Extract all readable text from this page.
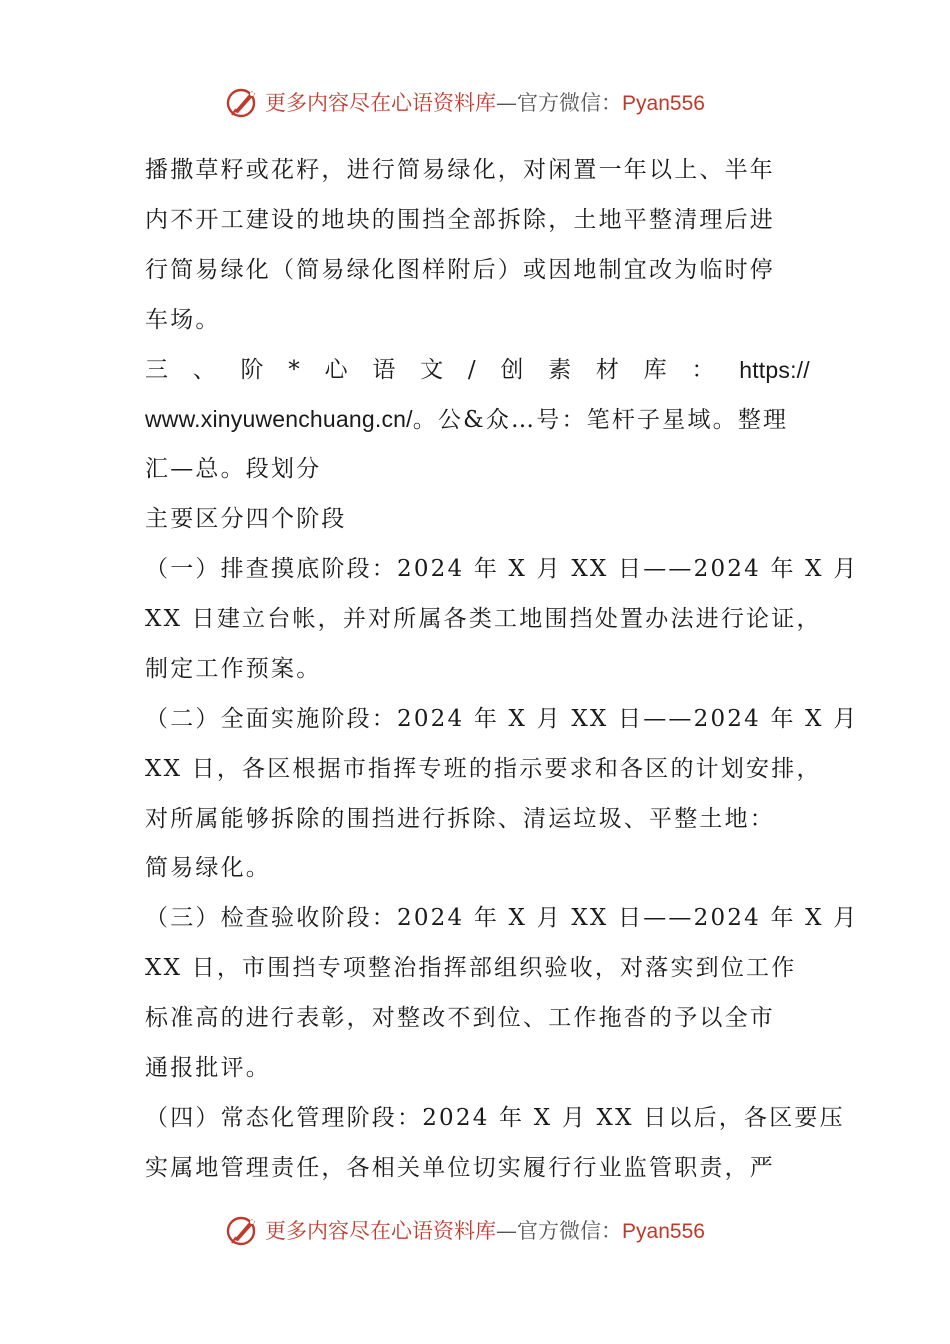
更多内容尽在心语资料库—官方微信：Pyan556
播撒草籽或花籽，进行简易绿化，对闲置一年以上、半年
内不开工建设的地块的围挡全部拆除，土地平整清理后进
行简易绿化（简易绿化图样附后）或因地制宜改为临时停
车场。
三 、 阶 * 心 语 文 / 创 素 材 库 ： https://
www.xinyuwenchuang.cn/。公&众…号：笔杆子星域。整理
汇—总。段划分
主要区分四个阶段
（一）排查摸底阶段：2024 年 X 月 XX 日——2024 年 X 月
XX 日建立台帐，并对所属各类工地围挡处置办法进行论证，
制定工作预案。
（二）全面实施阶段：2024 年 X 月 XX 日——2024 年 X 月
XX 日，各区根据市指挥专班的指示要求和各区的计划安排，
对所属能够拆除的围挡进行拆除、清运垃圾、平整土地：
简易绿化。
（三）检查验收阶段：2024 年 X 月 XX 日——2024 年 X 月
XX 日，市围挡专项整治指挥部组织验收，对落实到位工作
标准高的进行表彰，对整改不到位、工作拖沓的予以全市
通报批评。
（四）常态化管理阶段：2024 年 X 月 XX 日以后，各区要压
实属地管理责任，各相关单位切实履行行业监管职责，严
更多内容尽在心语资料库—官方微信：Pyan556
